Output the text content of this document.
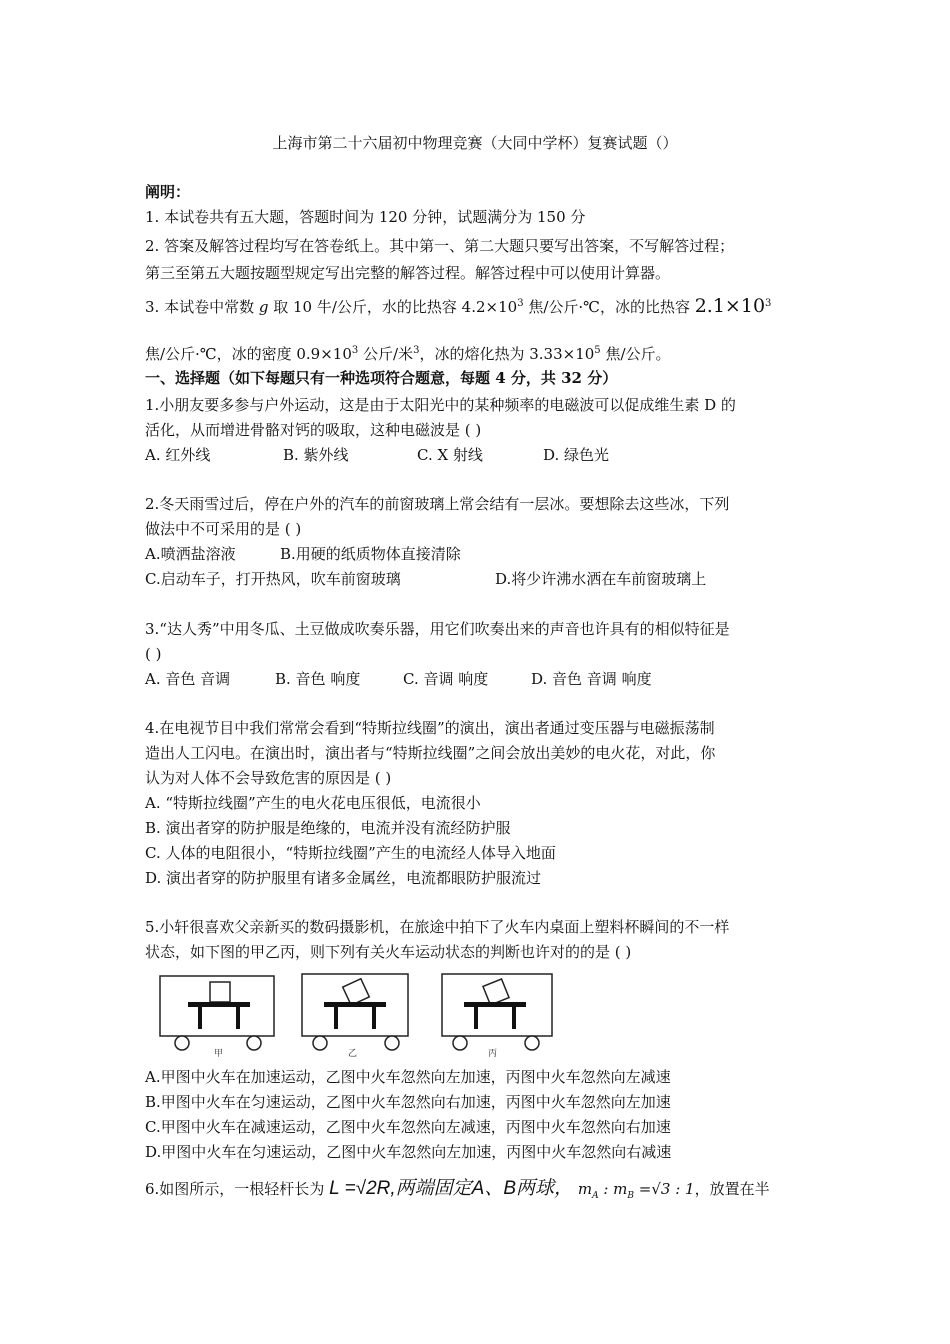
上海市第二十六届初中物理竞赛（大同中学杯）复赛试题（）
阐明：
1. 本试卷共有五大题，答题时间为 120 分钟，试题满分为 150 分
2. 答案及解答过程均写在答卷纸上。其中第一、第二大题只要写出答案，不写解答过程；
第三至第五大题按题型规定写出完整的解答过程。解答过程中可以使用计算器。
3. 本试卷中常数 g 取 10 牛/公斤，水的比热容 $4.2\times 10^3$ 焦/公斤·℃，冰的比热容 $2.1\times 10^3$
焦/公斤·℃，冰的密度 $0.9\times 10^3$ 公斤/米$^3$，冰的熔化热为 $3.33\times 10^5$ 焦/公斤。
一、选择题（如下每题只有一种选项符合题意，每题 4 分，共 32 分）
1.小朋友要多参与户外运动，这是由于太阳光中的某种频率的电磁波可以促成维生素 D 的
活化，从而增进骨骼对钙的吸取，这种电磁波是 ( )
A. 红外线	B. 紫外线	C. X 射线	D. 绿色光
2.冬天雨雪过后，停在户外的汽车的前窗玻璃上常会结有一层冰。要想除去这些冰，下列
做法中不可采用的是 ( )
A.喷洒盐溶液	B.用硬的纸质物体直接清除
C.启动车子，打开热风，吹车前窗玻璃	D.将少许沸水洒在车前窗玻璃上
3.“达人秀”中用冬瓜、土豆做成吹奏乐器，用它们吹奏出来的声音也许具有的相似特征是
( )
A. 音色 音调	B. 音色 响度	C. 音调 响度	D. 音色 音调 响度
4.在电视节目中我们常常会看到“特斯拉线圈”的演出，演出者通过变压器与电磁振荡制
造出人工闪电。在演出时，演出者与“特斯拉线圈”之间会放出美妙的电火花，对此，你
认为对人体不会导致危害的原因是 ( )
A. “特斯拉线圈”产生的电火花电压很低，电流很小
B. 演出者穿的防护服是绝缘的，电流并没有流经防护服
C. 人体的电阻很小，“特斯拉线圈”产生的电流经人体导入地面
D. 演出者穿的防护服里有诸多金属丝，电流都眼防护服流过
5.小轩很喜欢父亲新买的数码摄影机，在旅途中拍下了火车内桌面上塑料杯瞬间的不一样
状态，如下图的甲乙丙，则下列有关火车运动状态的判断也许对的的是 ( )
甲	乙	丙
A.甲图中火车在加速运动，乙图中火车忽然向左加速，丙图中火车忽然向左减速
B.甲图中火车在匀速运动，乙图中火车忽然向右加速，丙图中火车忽然向左加速
C.甲图中火车在减速运动，乙图中火车忽然向左减速，丙图中火车忽然向右加速
D.甲图中火车在匀速运动，乙图中火车忽然向左加速，丙图中火车忽然向右减速
6.如图所示，一根轻杆长为 L =√2R,两端固定A、B两球， $m_A$ : $m_B =√3$ : 1，放置在半
